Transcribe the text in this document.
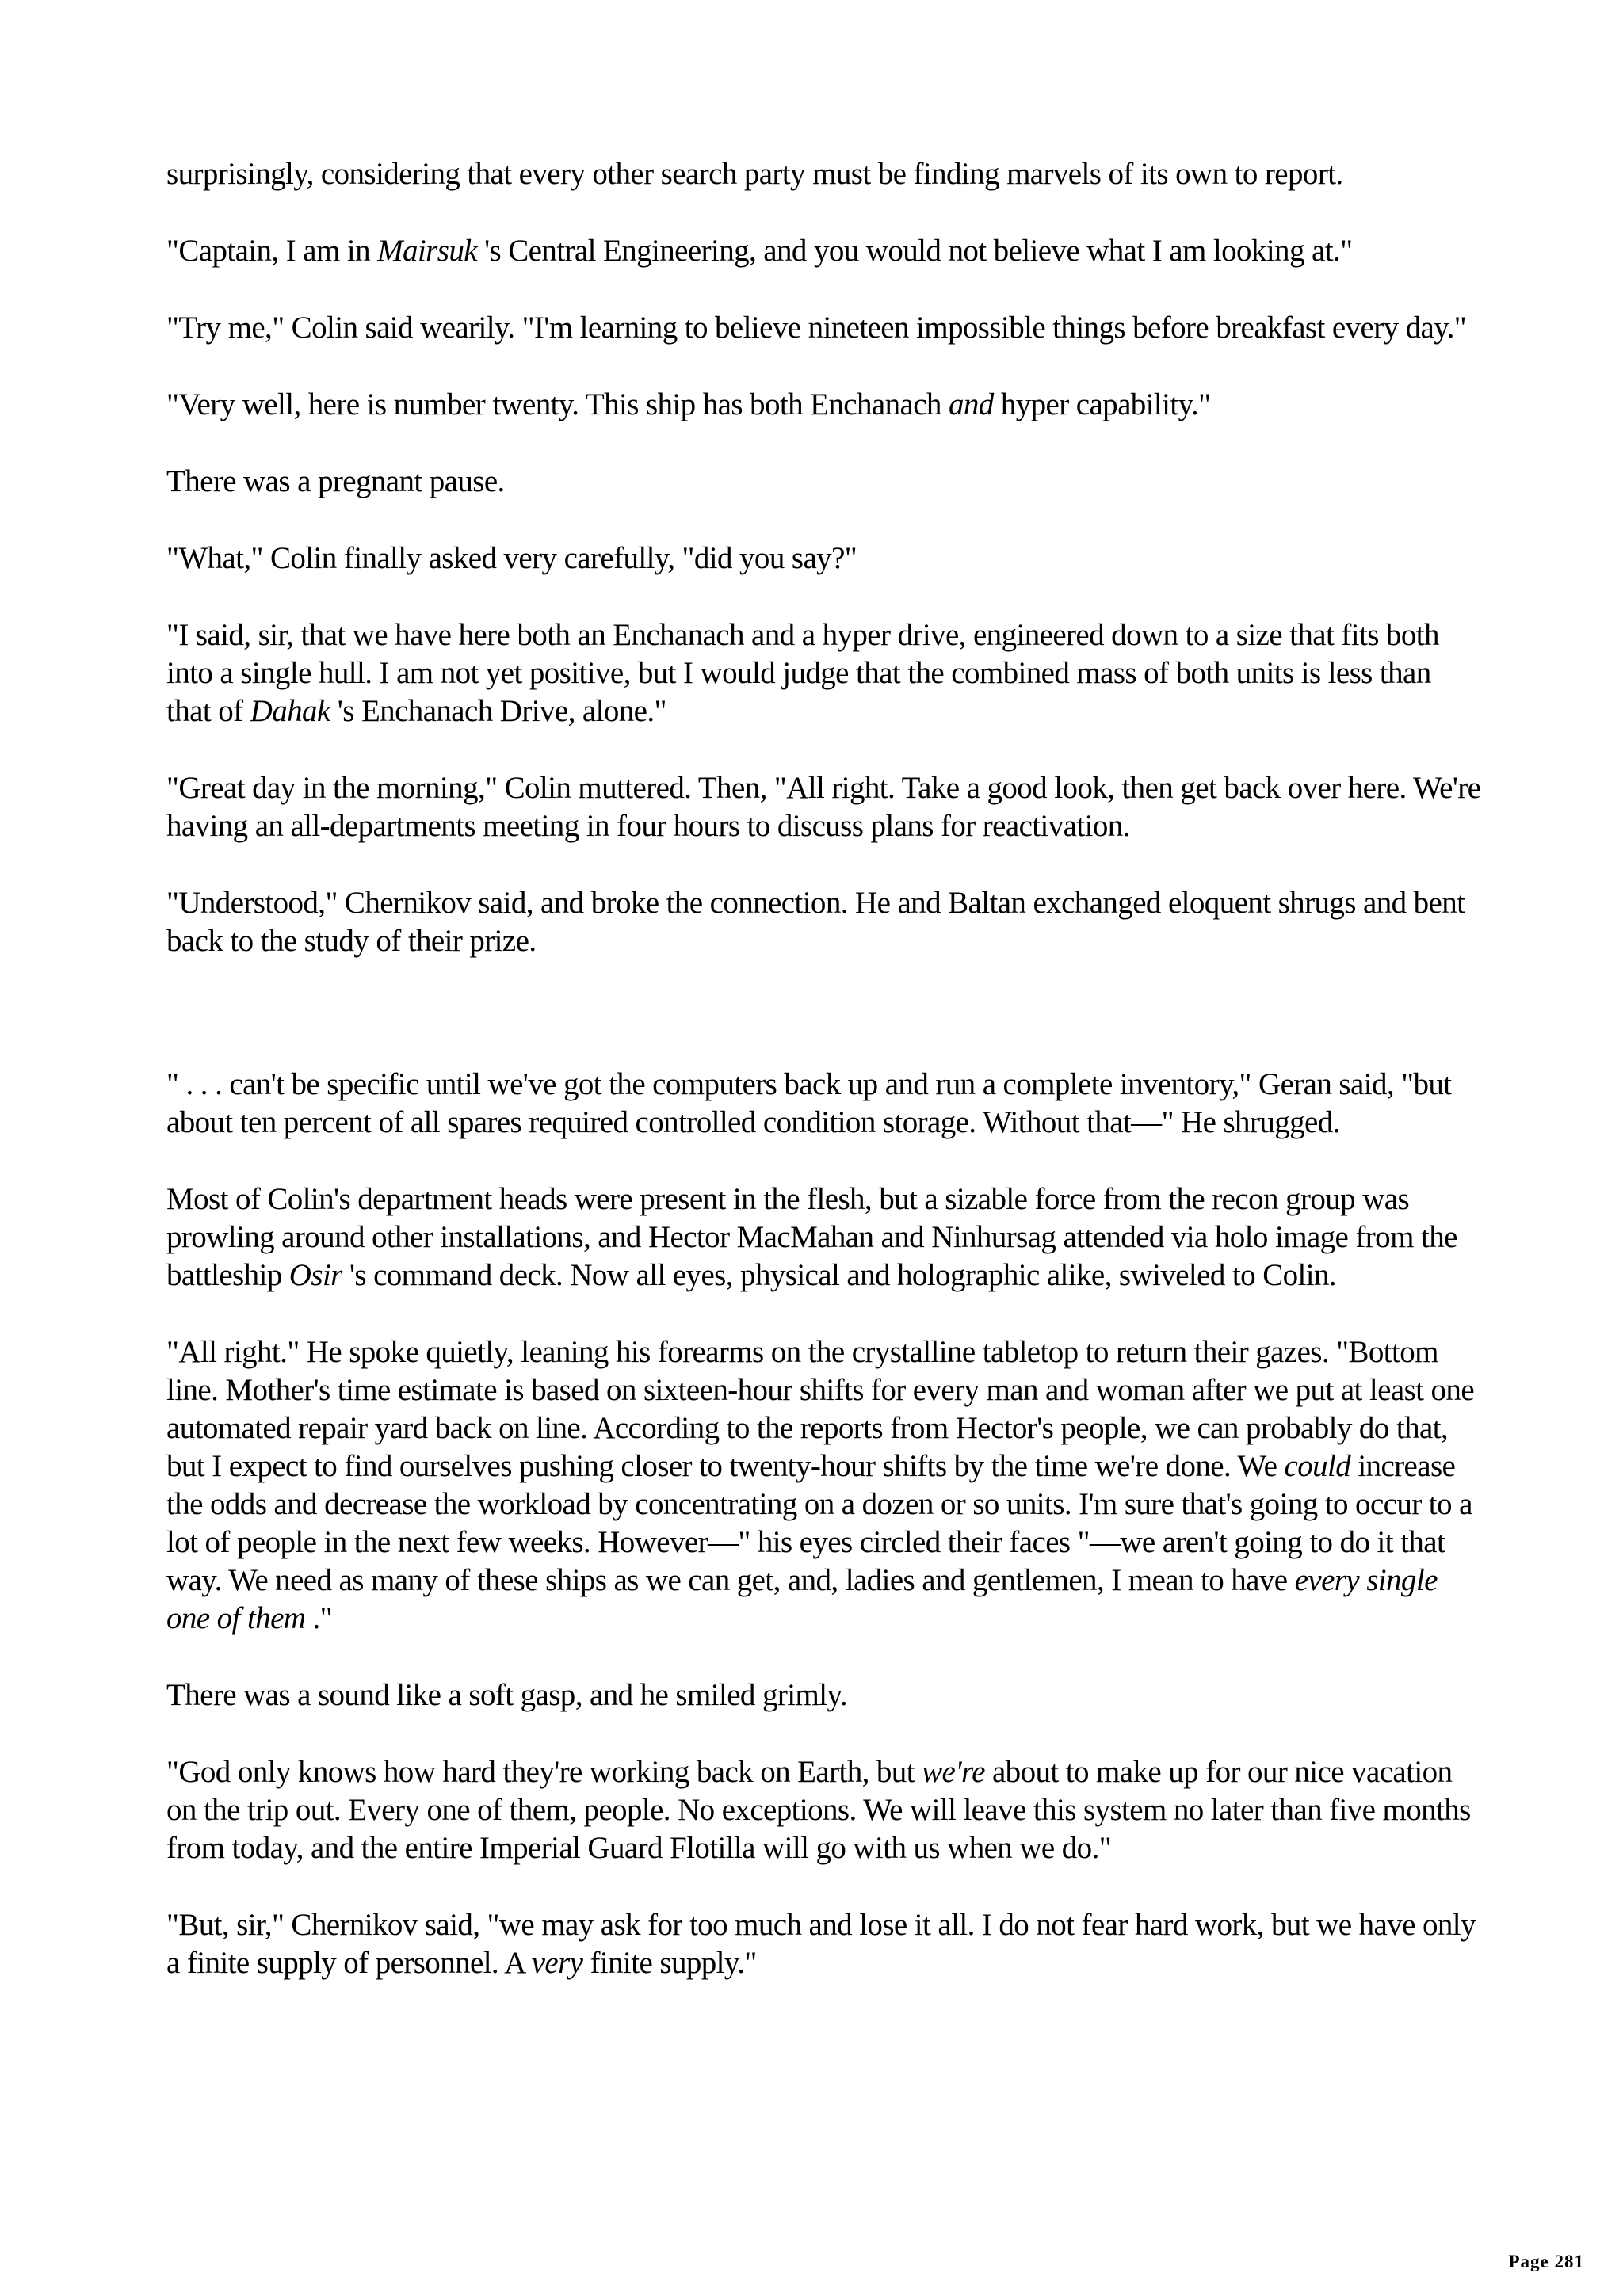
surprisingly, considering that every other search party must be finding marvels of its own to report.

"Captain, I am in Mairsuk 's Central Engineering, and you would not believe what I am looking at."

"Try me," Colin said wearily. "I'm learning to believe nineteen impossible things before breakfast every day."

"Very well, here is number twenty. This ship has both Enchanach and hyper capability."

There was a pregnant pause.

"What," Colin finally asked very carefully, "did you say?"

"I said, sir, that we have here both an Enchanach and a hyper drive, engineered down to a size that fits both into a single hull. I am not yet positive, but I would judge that the combined mass of both units is less than that of Dahak 's Enchanach Drive, alone."

"Great day in the morning," Colin muttered. Then, "All right. Take a good look, then get back over here. We're having an all-departments meeting in four hours to discuss plans for reactivation.

"Understood," Chernikov said, and broke the connection. He and Baltan exchanged eloquent shrugs and bent back to the study of their prize.

" . . . can't be specific until we've got the computers back up and run a complete inventory," Geran said, "but about ten percent of all spares required controlled condition storage. Without that—" He shrugged.

Most of Colin's department heads were present in the flesh, but a sizable force from the recon group was prowling around other installations, and Hector MacMahan and Ninhursag attended via holo image from the battleship Osir 's command deck. Now all eyes, physical and holographic alike, swiveled to Colin.

"All right." He spoke quietly, leaning his forearms on the crystalline tabletop to return their gazes. "Bottom line. Mother's time estimate is based on sixteen-hour shifts for every man and woman after we put at least one automated repair yard back on line. According to the reports from Hector's people, we can probably do that, but I expect to find ourselves pushing closer to twenty-hour shifts by the time we're done. We could increase the odds and decrease the workload by concentrating on a dozen or so units. I'm sure that's going to occur to a lot of people in the next few weeks. However—" his eyes circled their faces "—we aren't going to do it that way. We need as many of these ships as we can get, and, ladies and gentlemen, I mean to have every single one of them ."

There was a sound like a soft gasp, and he smiled grimly.

"God only knows how hard they're working back on Earth, but we're about to make up for our nice vacation on the trip out. Every one of them, people. No exceptions. We will leave this system no later than five months from today, and the entire Imperial Guard Flotilla will go with us when we do."

"But, sir," Chernikov said, "we may ask for too much and lose it all. I do not fear hard work, but we have only a finite supply of personnel. A very finite supply."

Page 281
